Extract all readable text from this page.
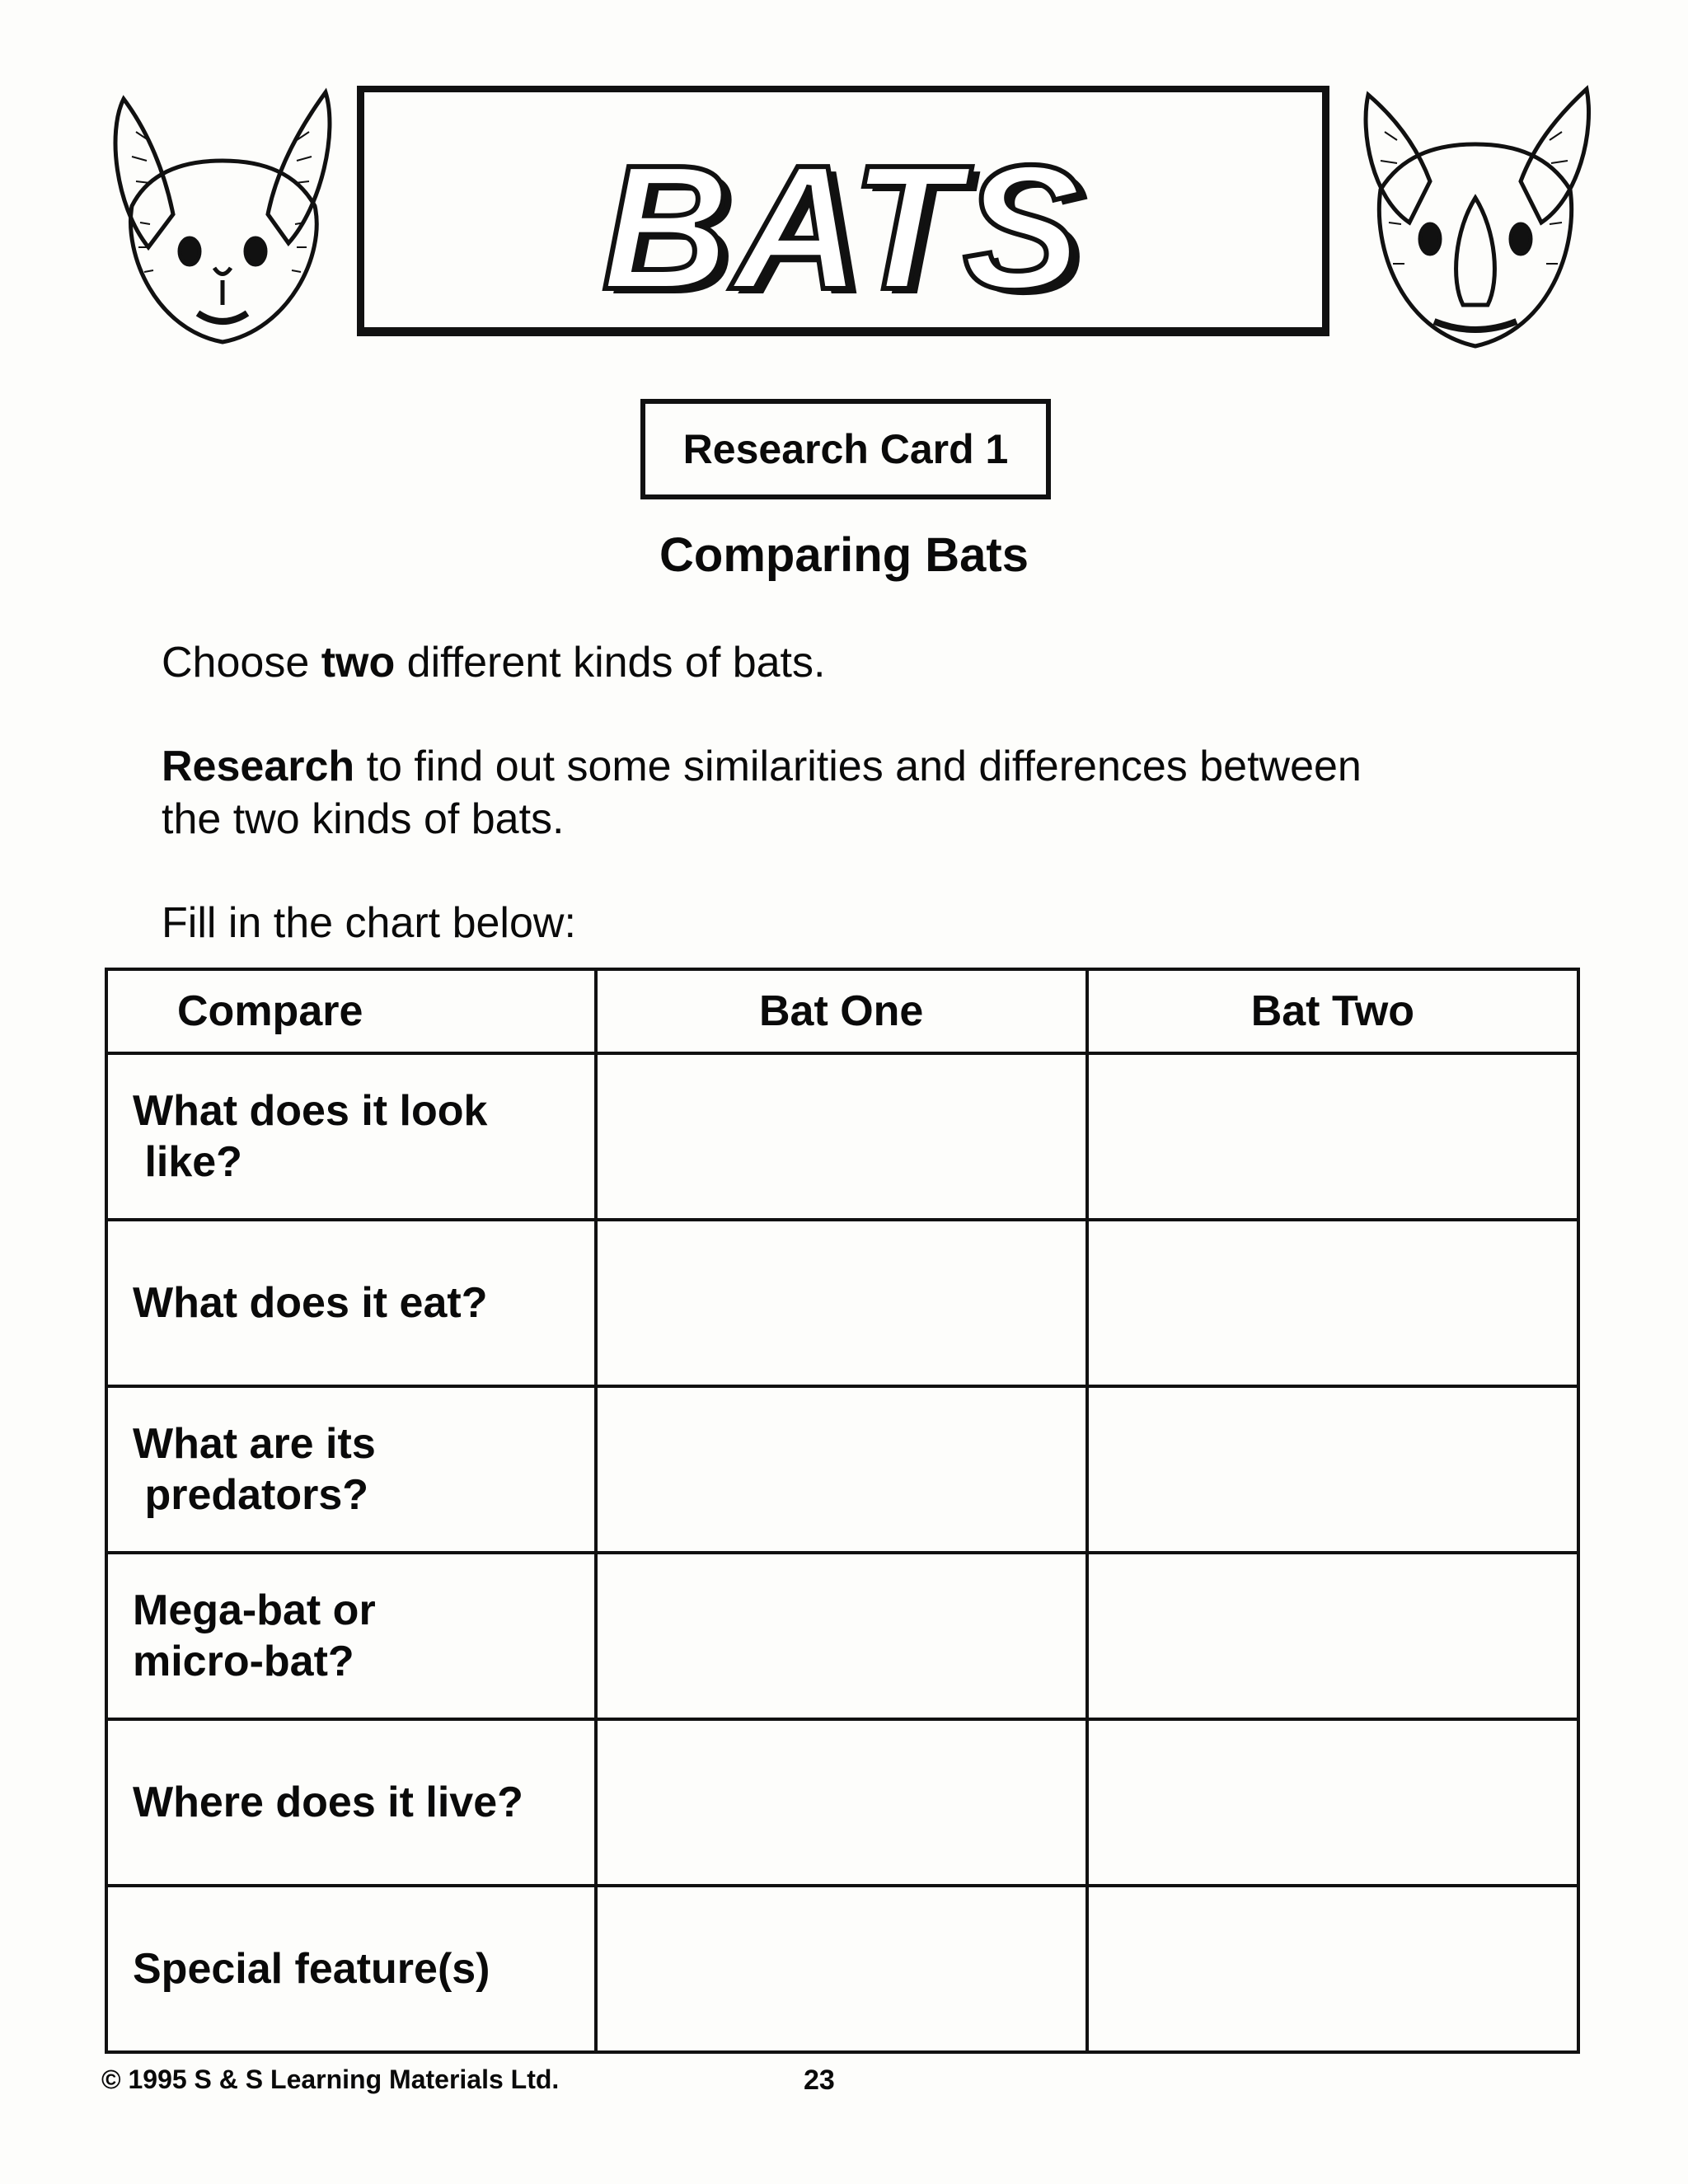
BATS
Research Card 1
Comparing Bats
Choose two different kinds of bats.
Research to find out some similarities and differences between
the two kinds of bats.
Fill in the chart below:
Compare	Bat One	Bat Two

What does it look
like?		

What does it eat?		

What are its
predators?		

Mega-bat or
micro-bat?		

Where does it live?		

Special feature(s)		

© 1995 S & S Learning Materials Ltd.	23
